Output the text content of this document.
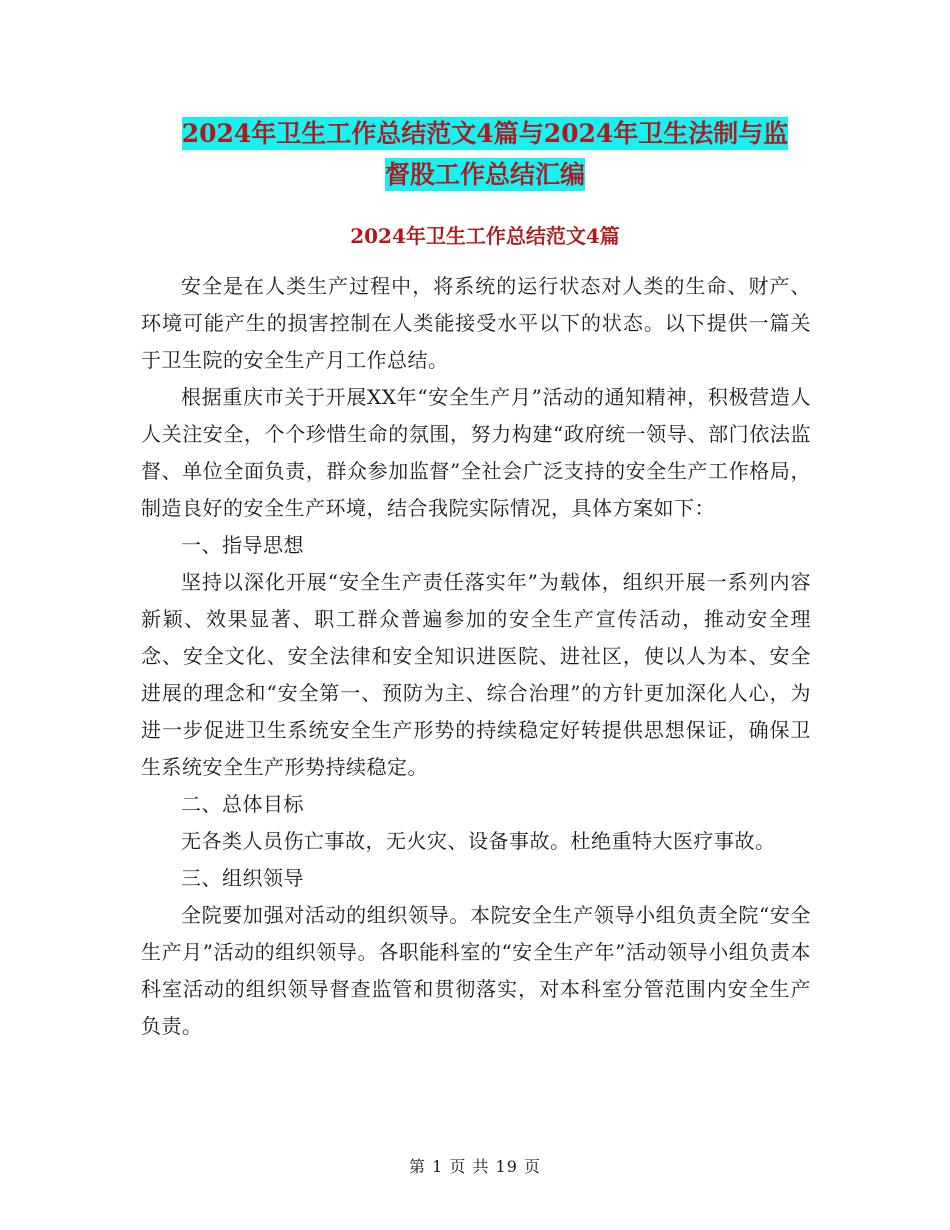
2024年卫生工作总结范文4篇与2024年卫生法制与监
督股工作总结汇编
2024年卫生工作总结范文4篇

安全是在人类生产过程中，将系统的运行状态对人类的生命、财产、环境可能产生的损害控制在人类能接受水平以下的状态。以下提供一篇关于卫生院的安全生产月工作总结。

根据重庆市关于开展XX年“安全生产月”活动的通知精神，积极营造人人关注安全，个个珍惜生命的氛围，努力构建“政府统一领导、部门依法监督、单位全面负责，群众参加监督”全社会广泛支持的安全生产工作格局，制造良好的安全生产环境，结合我院实际情况，具体方案如下：

一、指导思想

坚持以深化开展“安全生产责任落实年”为载体，组织开展一系列内容新颖、效果显著、职工群众普遍参加的安全生产宣传活动，推动安全理念、安全文化、安全法律和安全知识进医院、进社区，使以人为本、安全进展的理念和“安全第一、预防为主、综合治理”的方针更加深化人心，为进一步促进卫生系统安全生产形势的持续稳定好转提供思想保证，确保卫生系统安全生产形势持续稳定。

二、总体目标

无各类人员伤亡事故，无火灾、设备事故。杜绝重特大医疗事故。

三、组织领导

全院要加强对活动的组织领导。本院安全生产领导小组负责全院“安全生产月”活动的组织领导。各职能科室的“安全生产年”活动领导小组负责本科室活动的组织领导督查监管和贯彻落实，对本科室分管范围内安全生产负责。

第 1 页 共 19 页
